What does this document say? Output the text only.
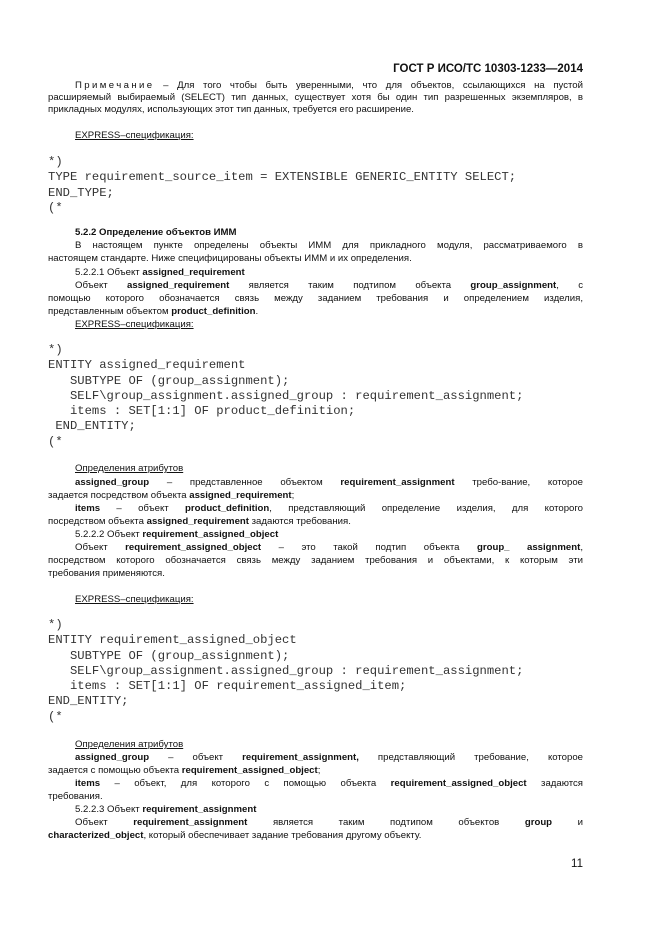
ГОСТ Р ИСО/ТС 10303-1233—2014
Примечание – Для того чтобы быть уверенными, что для объектов, ссылающихся на пустой
расширяемый выбираемый (SELECT) тип данных, существует хотя бы один тип разрешенных экземпляров, в
прикладных модулях, использующих этот тип данных, требуется его расширение.
EXPRESS–спецификация:
*)
TYPE requirement_source_item = EXTENSIBLE GENERIC_ENTITY SELECT;
END_TYPE;
(*
5.2.2 Определение объектов ИММ
В настоящем пункте определены объекты ИММ для прикладного модуля, рассматриваемого в
настоящем стандарте. Ниже специфицированы объекты ИММ и их определения.
5.2.2.1 Объект assigned_requirement
Объект assigned_requirement является таким подтипом объекта group_assignment, с
помощью которого обозначается связь между заданием требования и определением изделия,
представленным объектом product_definition.
EXPRESS–спецификация:
*)
ENTITY assigned_requirement
SUBTYPE OF (group_assignment);
SELF\group_assignment.assigned_group : requirement_assignment;
items : SET[1:1] OF product_definition;
END_ENTITY;
(*
Определения атрибутов
assigned_group – представленное объектом requirement_assignment требо-вание, которое
задается посредством объекта assigned_requirement;
items – объект product_definition, представляющий определение изделия, для которого
посредством объекта assigned_requirement задаются требования.
5.2.2.2 Объект requirement_assigned_object
Объект requirement_assigned_object – это такой подтип объекта group_ assignment,
посредством которого обозначается связь между заданием требования и объектами, к которым эти
требования применяются.
EXPRESS–спецификация:
*)
ENTITY requirement_assigned_object
SUBTYPE OF (group_assignment);
SELF\group_assignment.assigned_group : requirement_assignment;
items : SET[1:1] OF requirement_assigned_item;
END_ENTITY;
(*
Определения атрибутов
assigned_group – объект requirement_assignment, представляющий требование, которое
задается с помощью объекта requirement_assigned_object;
items – объект, для которого с помощью объекта requirement_assigned_object задаются
требования.
5.2.2.3 Объект requirement_assignment
Объект requirement_assignment является таким подтипом объектов group и
characterized_object, который обеспечивает задание требования другому объекту.
11
